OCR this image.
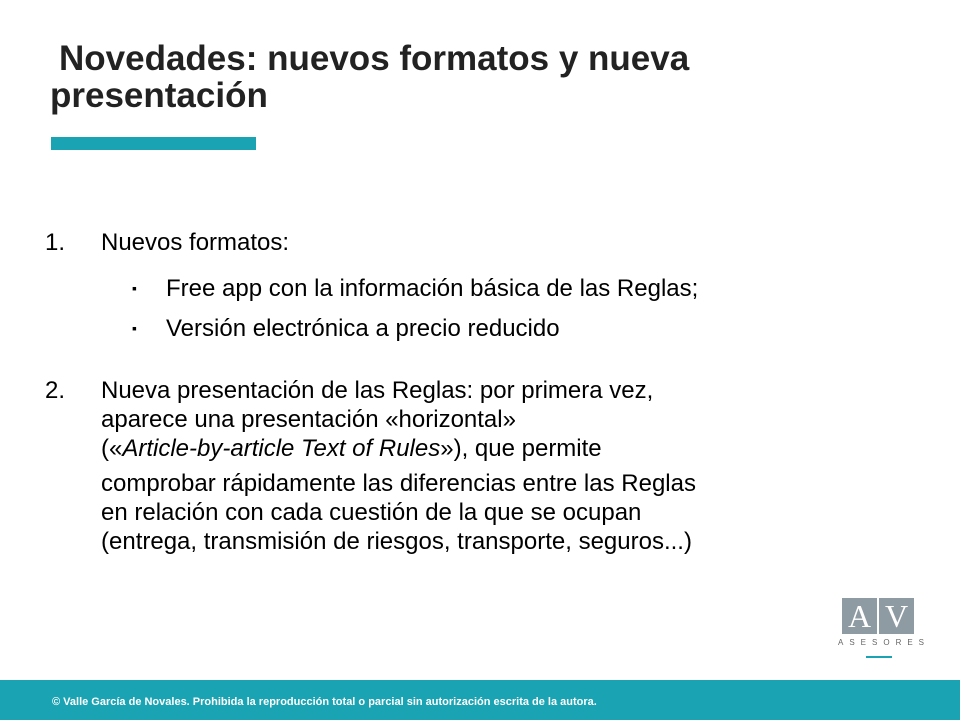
Novedades: nuevos formatos y nueva
presentación
1.	Nuevos formatos:
▪ Free app con la información básica de las Reglas;
▪ Versión electrónica a precio reducido
2.	Nueva presentación de las Reglas: por primera vez,
aparece una presentación «horizontal»
(«Article-by-article Text of Rules»), que permite
comprobar rápidamente las diferencias entre las Reglas
en relación con cada cuestión de la que se ocupan
(entrega, transmisión de riesgos, transporte, seguros...)
A V
ASESORES
© Valle García de Novales. Prohibida la reproducción total o parcial sin autorización escrita de la autora.
